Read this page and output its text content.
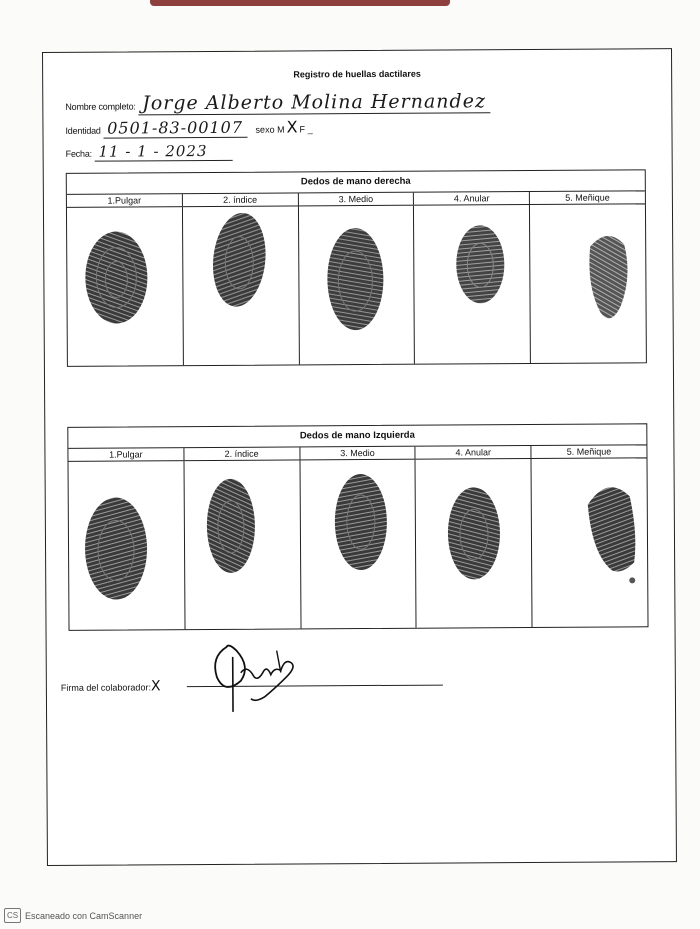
Registro de huellas dactilares
Nombre completo: Jorge Alberto Molina Hernandez
Identidad 0501-83-00107 sexo M X F _
Fecha: 11 - 1 - 2023
Dedos de mano derecha
1.Pulgar	2. índice	3. Medio	4. Anular	5. Meñique
Dedos de mano Izquierda
1.Pulgar	2. índice	3. Medio	4. Anular	5. Meñique
Firma del colaborador:X
CS Escaneado con CamScanner
